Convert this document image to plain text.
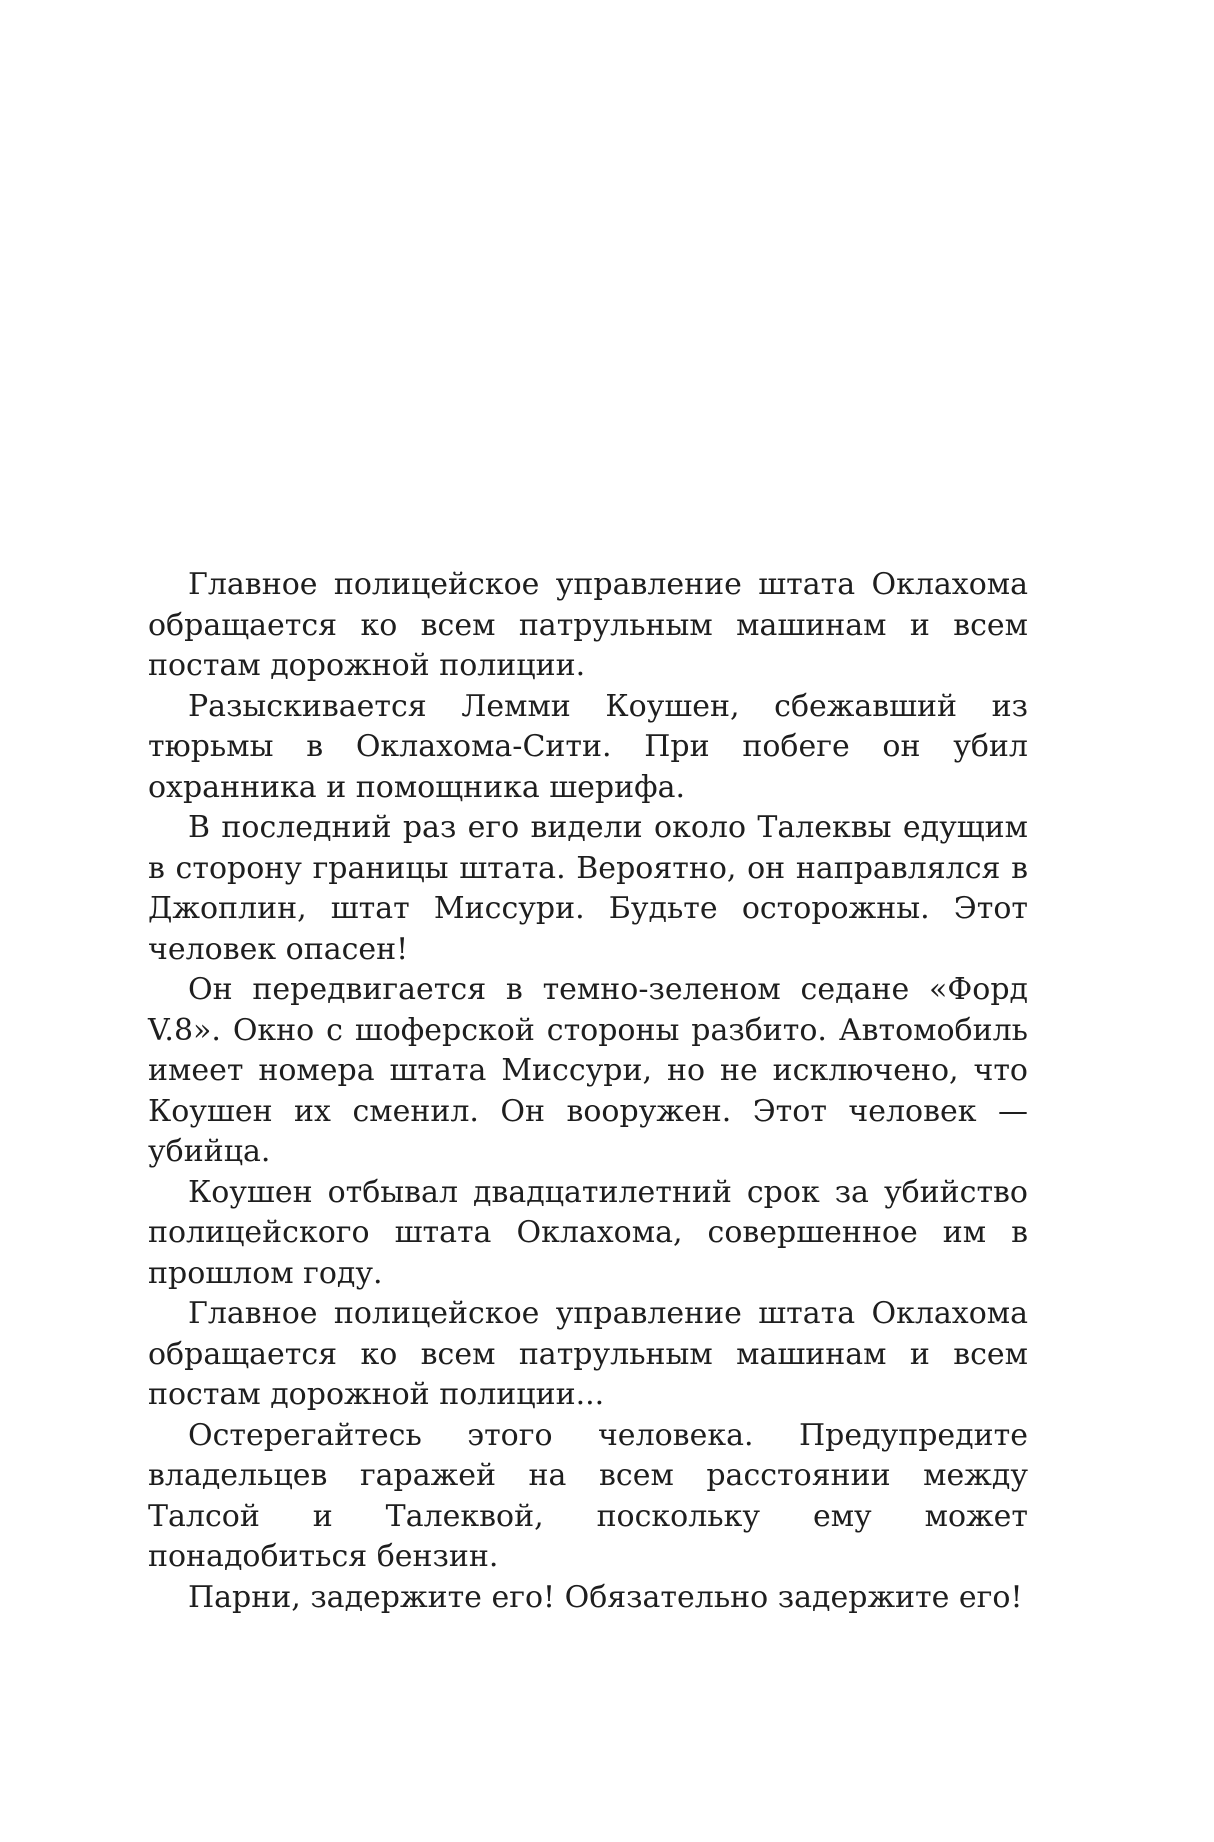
Главное полицейское управление штата Оклахома обращается ко всем патрульным машинам и всем постам дорожной полиции.

Разыскивается Лемми Коушен, сбежавший из тюрьмы в Оклахома-Сити. При побеге он убил охранника и помощника шерифа.

В последний раз его видели около Талеквы едущим в сторону границы штата. Вероятно, он направлялся в Джоплин, штат Миссури. Будьте осторожны. Этот человек опасен!

Он передвигается в темно-зеленом седане «Форд V.8». Окно с шоферской стороны разбито. Автомобиль имеет номера штата Миссури, но не исключено, что Коушен их сменил. Он вооружен. Этот человек — убийца.

Коушен отбывал двадцатилетний срок за убийство полицейского штата Оклахома, совершенное им в прошлом году.

Главное полицейское управление штата Оклахома обращается ко всем патрульным машинам и всем постам дорожной полиции...

Остерегайтесь этого человека. Предупредите владельцев гаражей на всем расстоянии между Талсой и Талеквой, поскольку ему может понадобиться бензин.

Парни, задержите его! Обязательно задержите его!
